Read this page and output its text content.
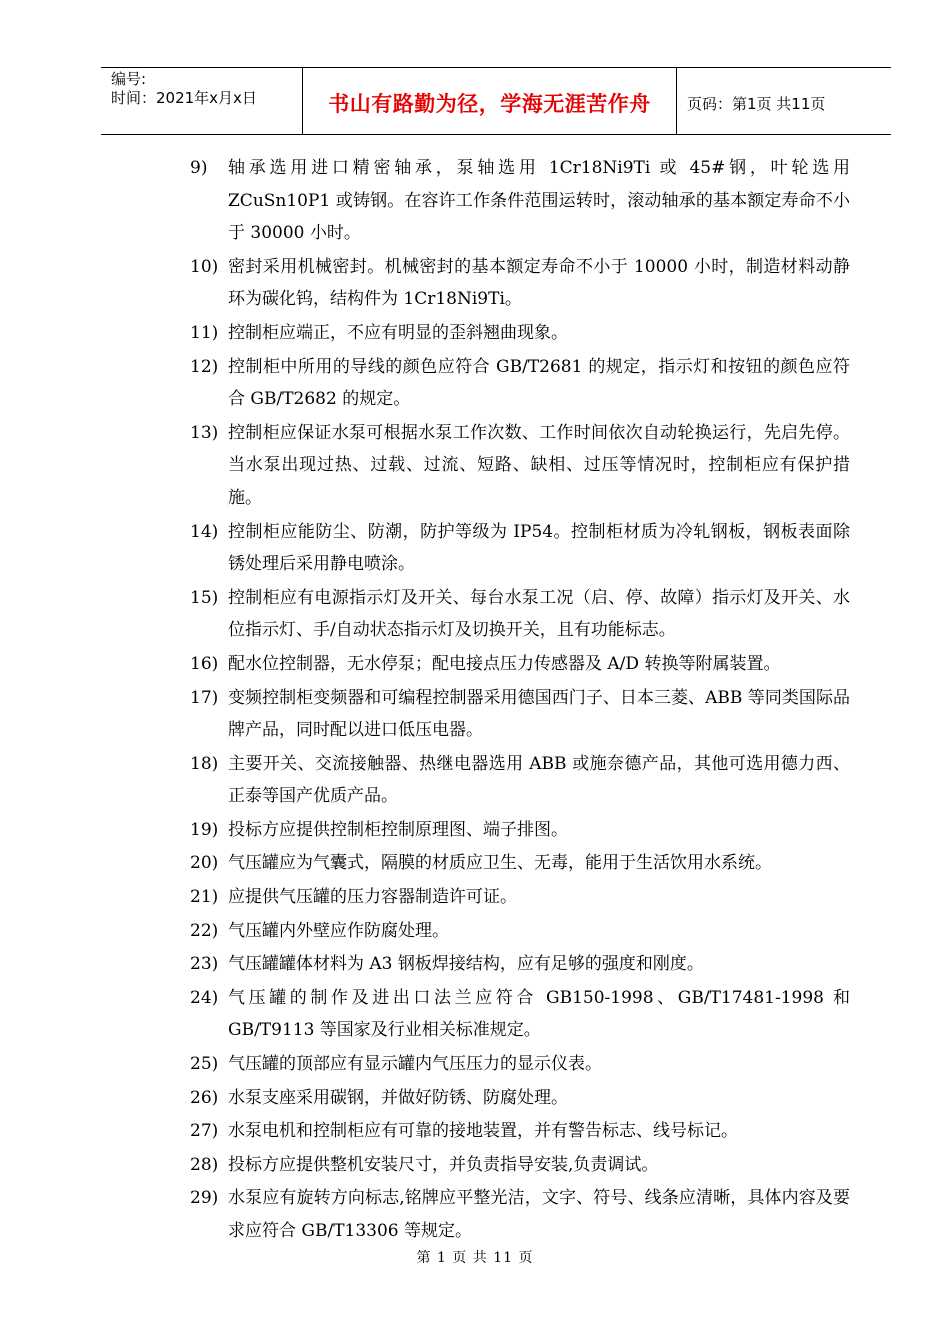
编号:
时间：2021年x月x日	书山有路勤为径，学海无涯苦作舟 页码：第1页 共11页
9)	轴承选用进口精密轴承，泵轴选用 1Cr18Ni9Ti 或 45#钢，叶轮选用 ZCuSn10P1 或铸钢。在容许工作条件范围运转时，滚动轴承的基本额定寿命不小于 30000 小时。
10) 密封采用机械密封。机械密封的基本额定寿命不小于 10000 小时，制造材料动静环为碳化钨，结构件为 1Cr18Ni9Ti。
11) 控制柜应端正，不应有明显的歪斜翘曲现象。
12) 控制柜中所用的导线的颜色应符合 GB/T2681 的规定，指示灯和按钮的颜色应符合 GB/T2682 的规定。
13) 控制柜应保证水泵可根据水泵工作次数、工作时间依次自动轮换运行，先启先停。当水泵出现过热、过载、过流、短路、缺相、过压等情况时，控制柜应有保护措施。
14) 控制柜应能防尘、防潮，防护等级为 IP54。控制柜材质为冷轧钢板，钢板表面除锈处理后采用静电喷涂。
15) 控制柜应有电源指示灯及开关、每台水泵工况（启、停、故障）指示灯及开关、水位指示灯、手/自动状态指示灯及切换开关，且有功能标志。
16) 配水位控制器，无水停泵；配电接点压力传感器及 A/D 转换等附属装置。
17) 变频控制柜变频器和可编程控制器采用德国西门子、日本三菱、ABB 等同类国际品牌产品，同时配以进口低压电器。
18) 主要开关、交流接触器、热继电器选用 ABB 或施奈德产品，其他可选用德力西、正泰等国产优质产品。
19) 投标方应提供控制柜控制原理图、端子排图。
20) 气压罐应为气囊式，隔膜的材质应卫生、无毒，能用于生活饮用水系统。
21) 应提供气压罐的压力容器制造许可证。
22) 气压罐内外壁应作防腐处理。
23) 气压罐罐体材料为 A3 钢板焊接结构，应有足够的强度和刚度。
24) 气压罐的制作及进出口法兰应符合 GB150-1998、GB/T17481-1998 和 GB/T9113 等国家及行业相关标准规定。
25) 气压罐的顶部应有显示罐内气压压力的显示仪表。
26) 水泵支座采用碳钢，并做好防锈、防腐处理。
27) 水泵电机和控制柜应有可靠的接地装置，并有警告标志、线号标记。
28) 投标方应提供整机安装尺寸，并负责指导安装,负责调试。
29) 水泵应有旋转方向标志,铭牌应平整光洁，文字、符号、线条应清晰，具体内容及要求应符合 GB/T13306 等规定。
第 1 页 共 11 页
